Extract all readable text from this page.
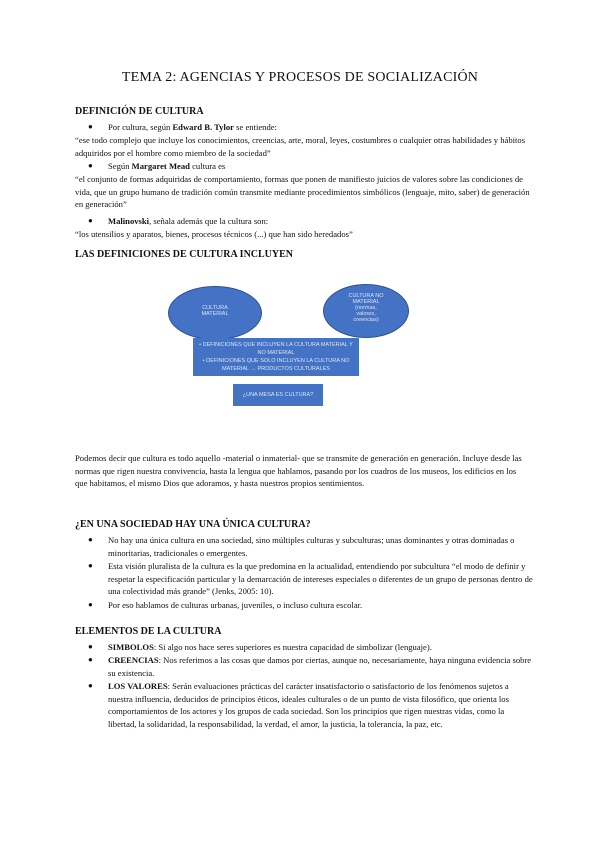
TEMA 2: AGENCIAS Y PROCESOS DE SOCIALIZACIÓN
DEFINICIÓN DE CULTURA
● Por cultura, según Edward B. Tylor se entiende:
“ese todo complejo que incluye los conocimientos, creencias, arte, moral, leyes, costumbres o cualquier otras habilidades y hábitos adquiridos por el hombre como miembro de la sociedad”
● Según Margaret Mead cultura es
“el conjunto de formas adquiridas de comportamiento, formas que ponen de manifiesto juicios de valores sobre las condiciones de vida, que un grupo humano de tradición común transmite mediante procedimientos simbólicos (lenguaje, mito, saber) de generación en generación”
● Malinovski, señala además que la cultura son:
“los utensilios y aparatos, bienes, procesos técnicos (...) que han sido heredados”
LAS DEFINICIONES DE CULTURA INCLUYEN
CULTURA
MATERIAL
CULTURA NO
MATERIAL
(normas,
valores,
creencias)
• DEFINICIONES QUE INCLUYEN LA CULTURA MATERIAL Y
NO MATERIAL
• DEFINICIONES QUE SOLO INCLUYEN LA CULTURA NO
MATERIAL → PRODUCTOS CULTURALES
¿UNA MESA ES CULTURA?
Podemos decir que cultura es todo aquello -material o inmaterial- que se transmite de generación en generación. Incluye desde las normas que rigen nuestra convivencia, hasta la lengua que hablamos, pasando por los cuadros de los museos, los edificios en los que habitamos, el mismo Dios que adoramos, y hasta nuestros propios sentimientos.
¿EN UNA SOCIEDAD HAY UNA ÚNICA CULTURA?
● No hay una única cultura en una sociedad, sino múltiples culturas y subculturas; unas dominantes y otras dominadas o minoritarias, tradicionales o emergentes.
● Esta visión pluralista de la cultura es la que predomina en la actualidad, entendiendo por subcultura “el modo de definir y respetar la especificación particular y la demarcación de intereses especiales o diferentes de un grupo de personas dentro de una colectividad más grande” (Jenks, 2005: 10).
● Por eso hablamos de culturas urbanas, juveniles, o incluso cultura escolar.
ELEMENTOS DE LA CULTURA
● SIMBOLOS: Si algo nos hace seres superiores es nuestra capacidad de simbolizar (lenguaje).
● CREENCIAS: Nos referimos a las cosas que damos por ciertas, aunque no, necesariamente, haya ninguna evidencia sobre su existencia.
● LOS VALORES: Serán evaluaciones prácticas del carácter insatisfactorio o satisfactorio de los fenómenos sujetos a nuestra influencia, deducidos de principios éticos, ideales culturales o de un punto de vista filosófico, que orienta los comportamientos de los actores y los grupos de cada sociedad. Son los principios que rigen nuestras vidas, como la libertad, la solidaridad, la responsabilidad, la verdad, el amor, la justicia, la tolerancia, la paz, etc.
